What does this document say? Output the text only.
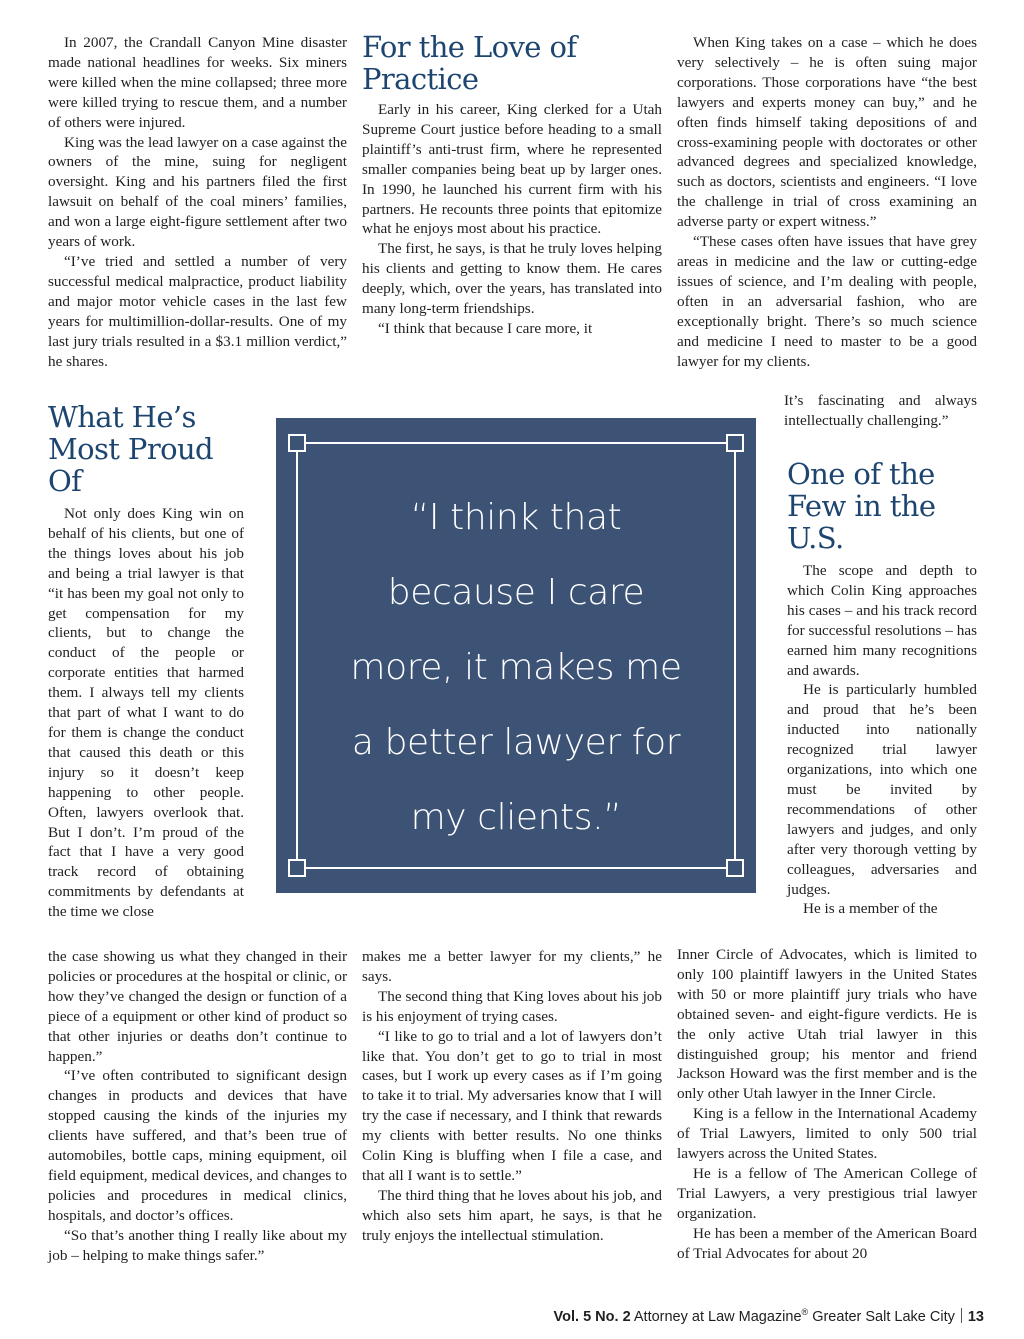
In 2007, the Crandall Canyon Mine disaster made national headlines for weeks. Six miners were killed when the mine collapsed; three more were killed trying to rescue them, and a number of others were injured.

King was the lead lawyer on a case against the owners of the mine, suing for negligent oversight. King and his partners filed the first lawsuit on behalf of the coal miners’ families, and won a large eight-figure settlement after two years of work.

“I’ve tried and settled a number of very successful medical malpractice, product liability and major motor vehicle cases in the last few years for multimillion-dollar-results. One of my last jury trials resulted in a $3.1 million verdict,” he shares.

What He’s Most Proud Of

Not only does King win on behalf of his clients, but one of the things loves about his job and being a trial lawyer is that “it has been my goal not only to get compensation for my clients, but to change the conduct of the people or corporate entities that harmed them. I always tell my clients that part of what I want to do for them is change the conduct that caused this death or this injury so it doesn’t keep happening to other people. Often, lawyers overlook that. But I don’t. I’m proud of the fact that I have a very good track record of obtaining commitments by defendants at the time we close

the case showing us what they changed in their policies or procedures at the hospital or clinic, or how they’ve changed the design or function of a piece of a equipment or other kind of product so that other injuries or deaths don’t continue to happen.”

“I’ve often contributed to significant design changes in products and devices that have stopped causing the kinds of the injuries my clients have suffered, and that’s been true of automobiles, bottle caps, mining equipment, oil field equipment, medical devices, and changes to policies and procedures in medical clinics, hospitals, and doctor’s offices.

“So that’s another thing I really like about my job – helping to make things safer.”

For the Love of Practice

Early in his career, King clerked for a Utah Supreme Court justice before heading to a small plaintiff’s anti-trust firm, where he represented smaller companies being beat up by larger ones. In 1990, he launched his current firm with his partners. He recounts three points that epitomize what he enjoys most about his practice.

The first, he says, is that he truly loves helping his clients and getting to know them. He cares deeply, which, over the years, has translated into many long-term friendships.

“I think that because I care more, it

makes me a better lawyer for my clients,” he says.

The second thing that King loves about his job is his enjoyment of trying cases.

“I like to go to trial and a lot of lawyers don’t like that. You don’t get to go to trial in most cases, but I work up every cases as if I’m going to take it to trial. My adversaries know that I will try the case if necessary, and I think that rewards my clients with better results. No one thinks Colin King is bluffing when I file a case, and that all I want is to settle.”

The third thing that he loves about his job, and which also sets him apart, he says, is that he truly enjoys the intellectual stimulation.

When King takes on a case – which he does very selectively – he is often suing major corporations. Those corporations have “the best lawyers and experts money can buy,” and he often finds himself taking depositions of and cross-examining people with doctorates or other advanced degrees and specialized knowledge, such as doctors, scientists and engineers. “I love the challenge in trial of cross examining an adverse party or expert witness.”

“These cases often have issues that have grey areas in medicine and the law or cutting-edge issues of science, and I’m dealing with people, often in an adversarial fashion, who are exceptionally bright. There’s so much science and medicine I need to master to be a good lawyer for my clients.

It’s fascinating and always intellectually challenging.”

One of the Few in the U.S.

The scope and depth to which Colin King approaches his cases – and his track record for successful resolutions – has earned him many recognitions and awards.

He is particularly humbled and proud that he’s been inducted into nationally recognized trial lawyer organizations, into which one must be invited by recommendations of other lawyers and judges, and only after very thorough vetting by colleagues, adversaries and judges.

He is a member of the

Inner Circle of Advocates, which is limited to only 100 plaintiff lawyers in the United States with 50 or more plaintiff jury trials who have obtained seven- and eight-figure verdicts. He is the only active Utah trial lawyer in this distinguished group; his mentor and friend Jackson Howard was the first member and is the only other Utah lawyer in the Inner Circle.

King is a fellow in the International Academy of Trial Lawyers, limited to only 500 trial lawyers across the United States.

He is a fellow of The American College of Trial Lawyers, a very prestigious trial lawyer organization.

He has been a member of the American Board of Trial Advocates for about 20

“I think that
because I care
more, it makes me
a better lawyer for
my clients.”
Vol. 5 No. 2 Attorney at Law Magazine® Greater Salt Lake City 13
